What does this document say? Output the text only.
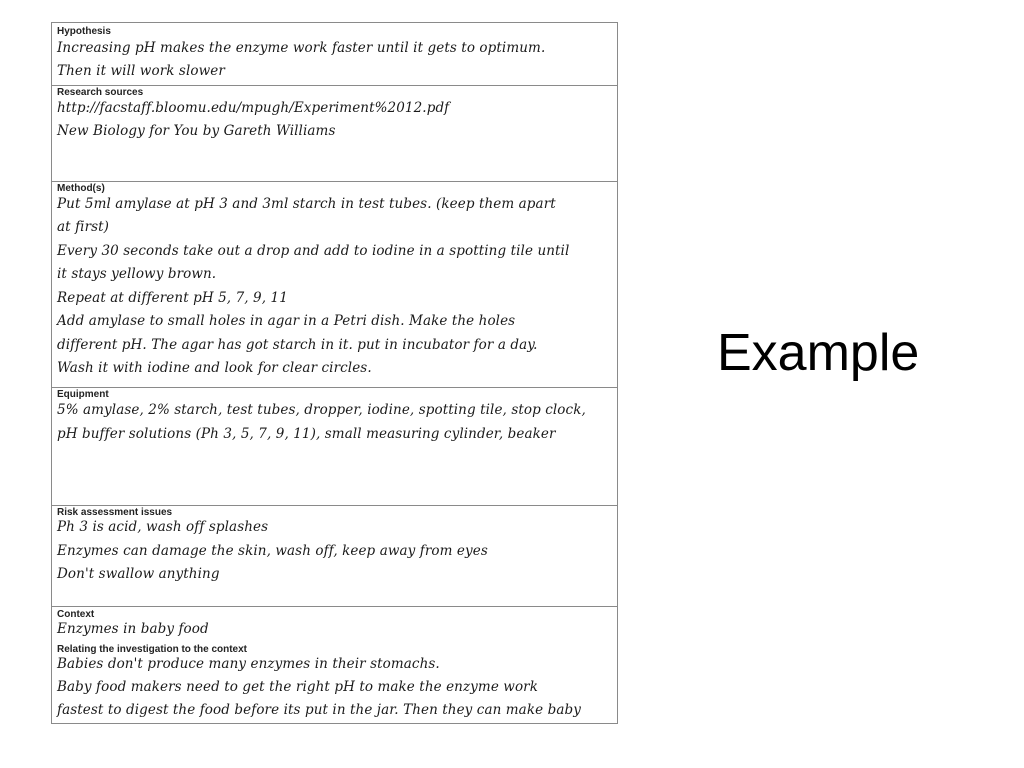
Hypothesis
Increasing pH makes the enzyme work faster until it gets to optimum.
Then it will work slower
Research sources
http://facstaff.bloomu.edu/mpugh/Experiment%2012.pdf
New Biology for You by Gareth Williams
Method(s)
Put 5ml amylase at pH 3 and 3ml starch in test tubes. (keep them apart
at first)
Every 30 seconds take out a drop and add to iodine in a spotting tile until
it stays yellowy brown.
Repeat at different pH 5, 7, 9, 11
Add amylase to small holes in agar in a Petri dish. Make the holes
different pH. The agar has got starch in it. put in incubator for a day.
Wash it with iodine and look for clear circles.
Equipment
5% amylase, 2% starch, test tubes, dropper, iodine, spotting tile, stop clock,
pH buffer solutions (Ph 3, 5, 7, 9, 11), small measuring cylinder, beaker
Risk assessment issues
Ph 3 is acid, wash off splashes
Enzymes can damage the skin, wash off, keep away from eyes
Don't swallow anything
Context
Enzymes in baby food
Relating the investigation to the context
Babies don't produce many enzymes in their stomachs.
Baby food makers need to get the right pH to make the enzyme work
fastest to digest the food before its put in the jar. Then they can make baby
Example
